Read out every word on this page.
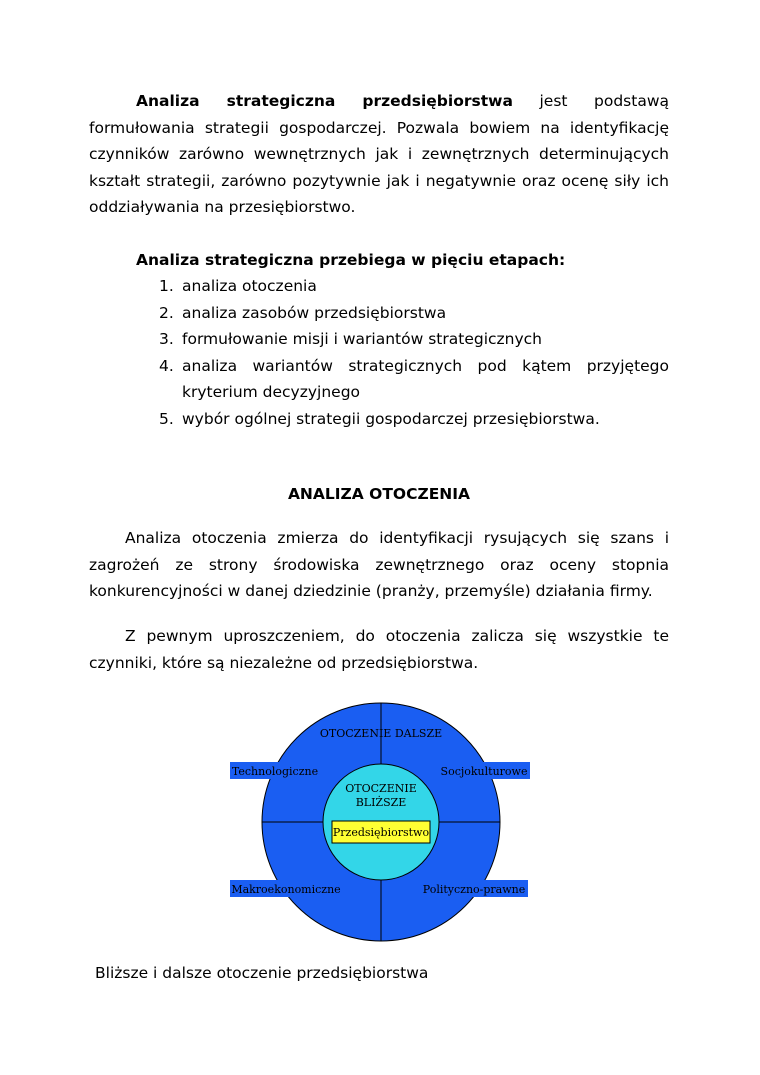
Analiza strategiczna przedsiębiorstwa jest podstawą

formułowania strategii gospodarczej. Pozwala bowiem na identyfikację

czynników zarówno wewnętrznych jak i zewnętrznych determinujących

kształt strategii, zarówno pozytywnie jak i negatywnie oraz ocenę siły ich

oddziaływania na przesiębiorstwo.

Analiza strategiczna przebiega w pięciu etapach:

1. analiza otoczenia
2. analiza zasobów przedsiębiorstwa
3. formułowanie misji i wariantów strategicznych
4. analiza wariantów strategicznych pod kątem przyjętego
kryterium decyzyjnego
5. wybór ogólnej strategii gospodarczej przesiębiorstwa.

ANALIZA OTOCZENIA

Analiza otoczenia zmierza do identyfikacji rysujących się szans i

zagrożeń ze strony środowiska zewnętrznego oraz oceny stopnia

konkurencyjności w danej dziedzinie (pranży, przemyśle) działania firmy.

Z pewnym uproszczeniem, do otoczenia zalicza się wszystkie te

czynniki, które są niezależne od przedsiębiorstwa.

OTOCZENIE DALSZE
OTOCZENIE
BLIŻSZE
Przedsiębiorstwo
Technologiczne	Socjokulturowe
Makroekonomiczne	Polityczno-prawne

Bliższe i dalsze otoczenie przedsiębiorstwa
